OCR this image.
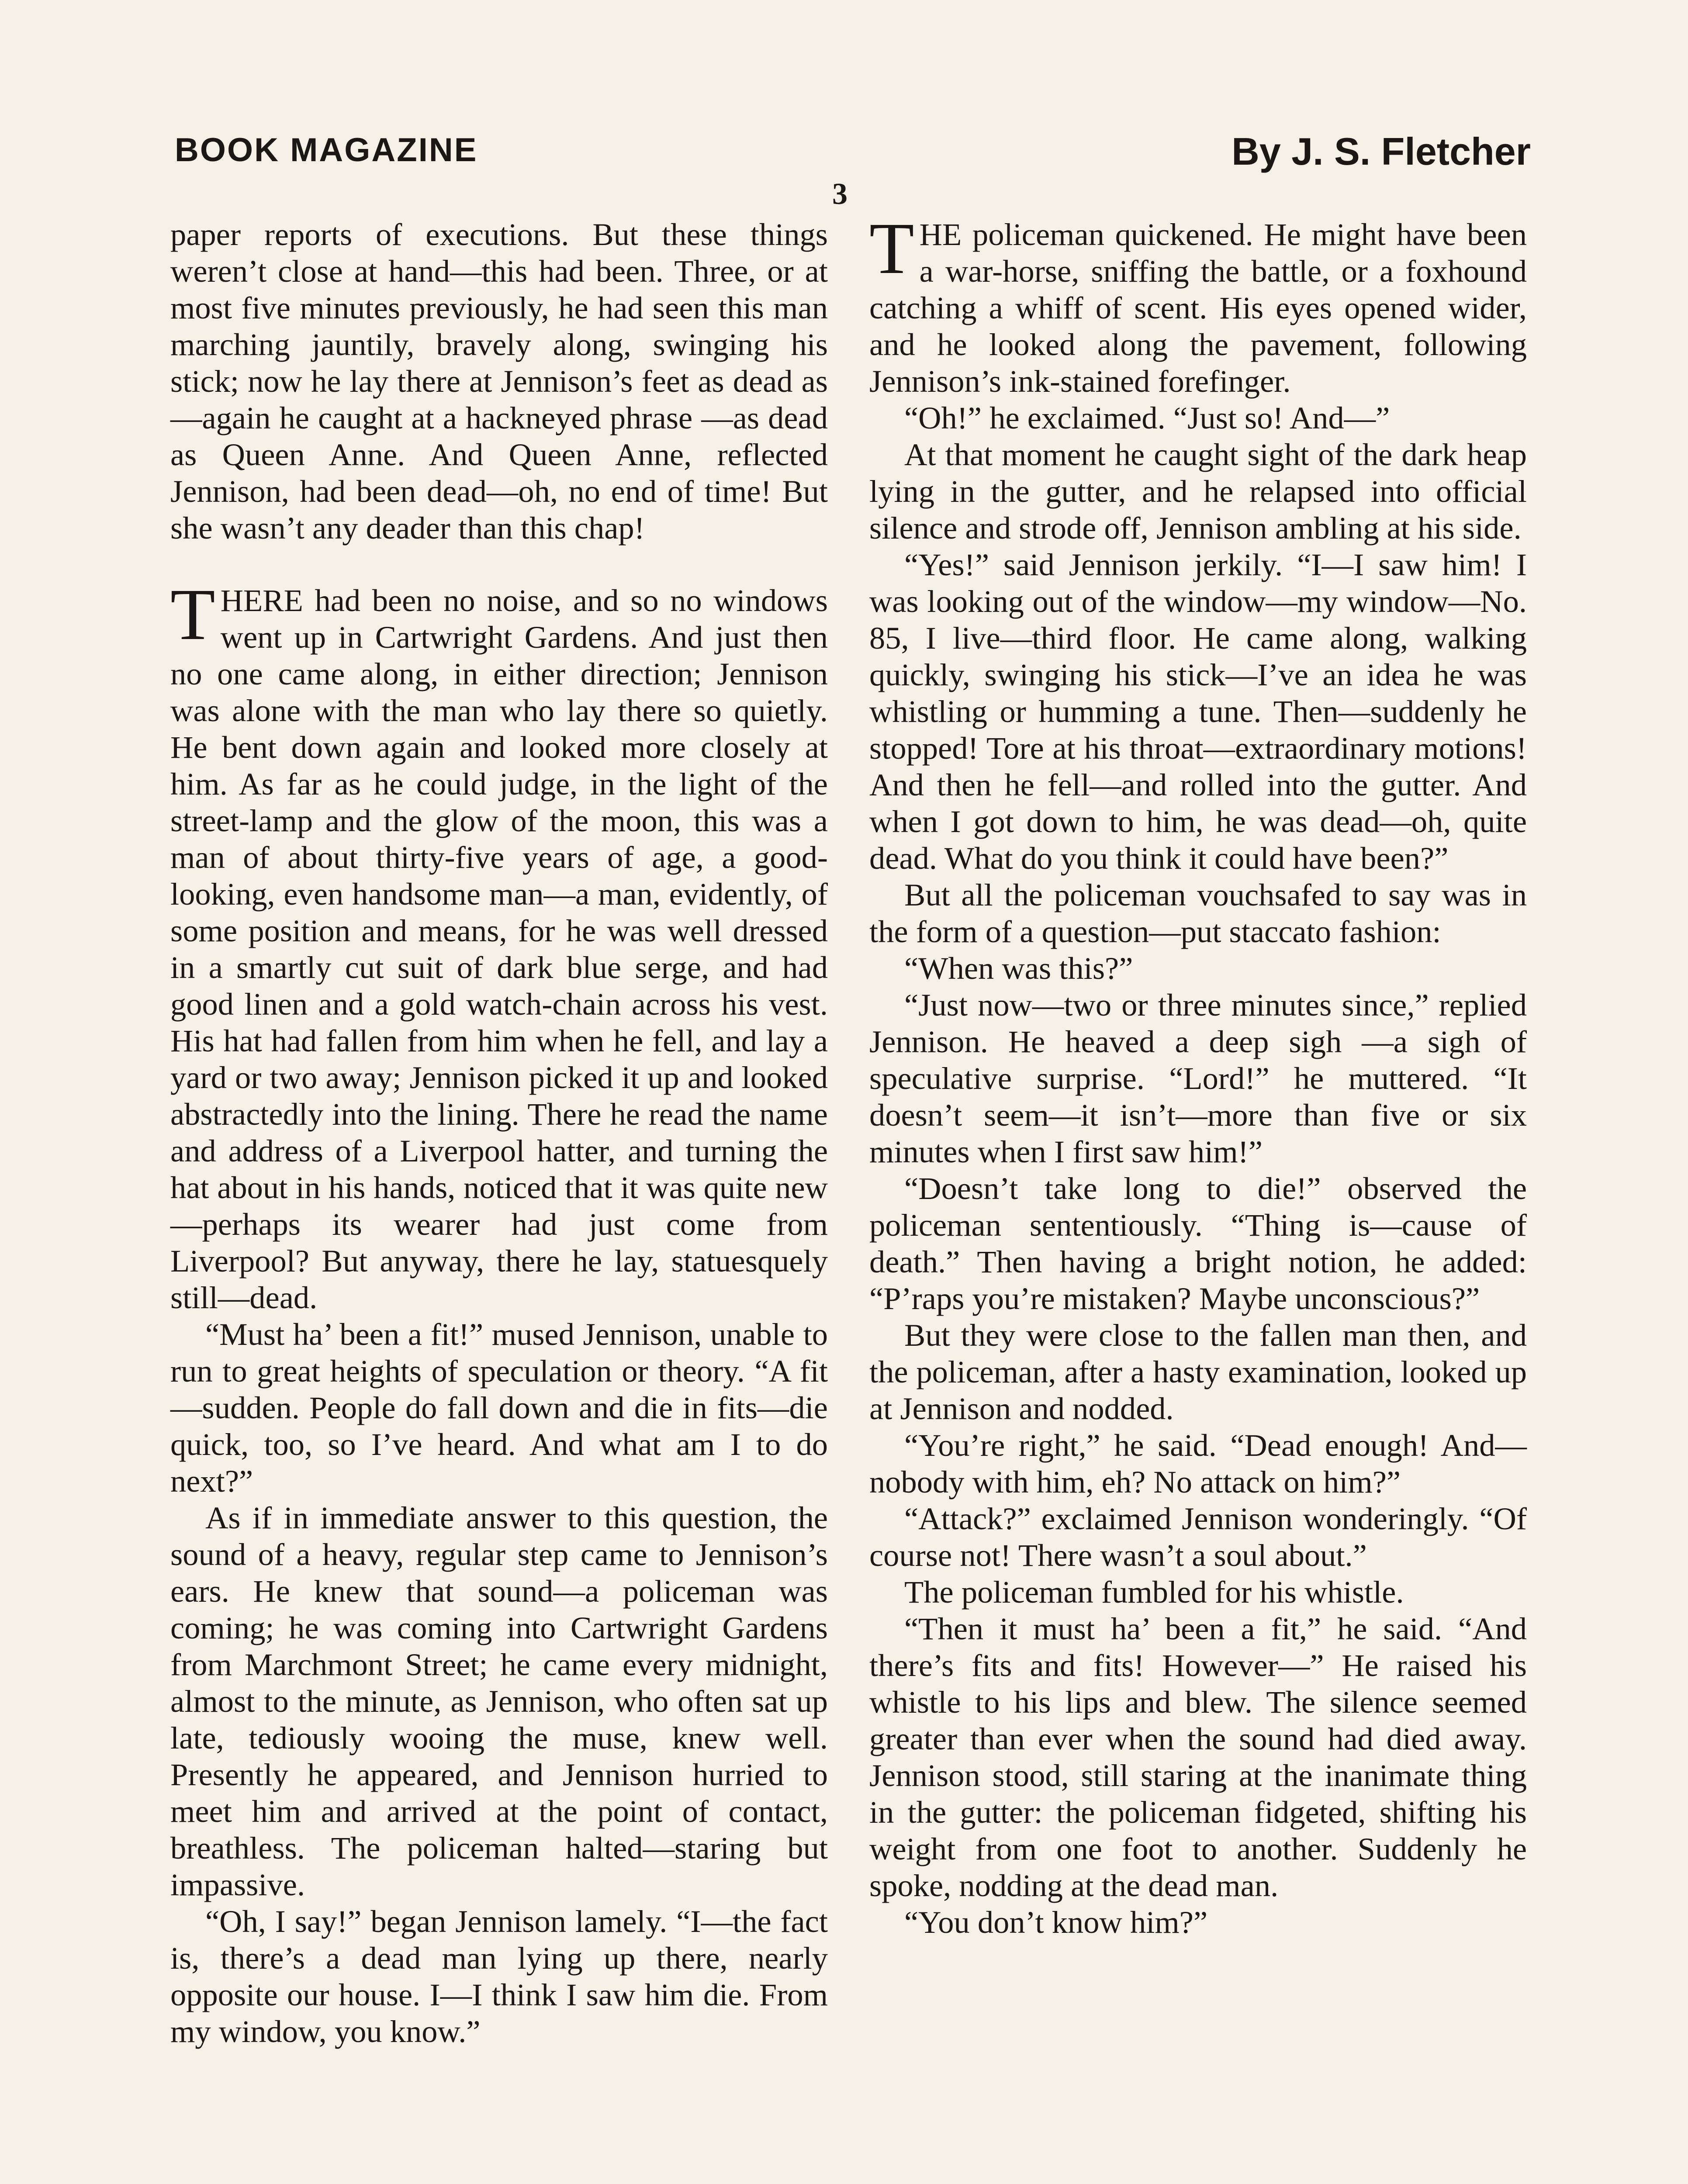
BOOK MAGAZINE	By J. S. Fletcher
3

paper reports of executions. But these things weren’t close at hand—this had been. Three, or at most five minutes previously, he had seen this man marching jauntily, bravely along, swinging his stick; now he lay there at Jennison’s feet as dead as—again he caught at a hackneyed phrase —as dead as Queen Anne. And Queen Anne, reflected Jennison, had been dead—oh, no end of time! But she wasn’t any deader than this chap!

THERE had been no noise, and so no windows went up in Cartwright Gardens. And just then no one came along, in either direction; Jennison was alone with the man who lay there so quietly. He bent down again and looked more closely at him. As far as he could judge, in the light of the street-lamp and the glow of the moon, this was a man of about thirty-five years of age, a good-looking, even handsome man—a man, evidently, of some position and means, for he was well dressed in a smartly cut suit of dark blue serge, and had good linen and a gold watch-chain across his vest. His hat had fallen from him when he fell, and lay a yard or two away; Jennison picked it up and looked abstractedly into the lining. There he read the name and address of a Liverpool hatter, and turning the hat about in his hands, noticed that it was quite new—perhaps its wearer had just come from Liverpool? But anyway, there he lay, statuesquely still—dead.

“Must ha’ been a fit!” mused Jennison, unable to run to great heights of speculation or theory. “A fit—sudden. People do fall down and die in fits—die quick, too, so I’ve heard. And what am I to do next?”

As if in immediate answer to this question, the sound of a heavy, regular step came to Jennison’s ears. He knew that sound—a policeman was coming; he was coming into Cartwright Gardens from Marchmont Street; he came every midnight, almost to the minute, as Jennison, who often sat up late, tediously wooing the muse, knew well. Presently he appeared, and Jennison hurried to meet him and arrived at the point of contact, breathless. The policeman halted—staring but impassive.

“Oh, I say!” began Jennison lamely. “I—the fact is, there’s a dead man lying up there, nearly opposite our house. I—I think I saw him die. From my window, you know.”

THE policeman quickened. He might have been a war-horse, sniffing the battle, or a foxhound catching a whiff of scent. His eyes opened wider, and he looked along the pavement, following Jennison’s ink-stained forefinger.

“Oh!” he exclaimed. “Just so! And—”

At that moment he caught sight of the dark heap lying in the gutter, and he relapsed into official silence and strode off, Jennison ambling at his side.

“Yes!” said Jennison jerkily. “I—I saw him! I was looking out of the window—my window—No. 85, I live—third floor. He came along, walking quickly, swinging his stick—I’ve an idea he was whistling or humming a tune. Then—suddenly he stopped! Tore at his throat—extraordinary motions! And then he fell—and rolled into the gutter. And when I got down to him, he was dead—oh, quite dead. What do you think it could have been?”

But all the policeman vouchsafed to say was in the form of a question—put staccato fashion:

“When was this?”

“Just now—two or three minutes since,” replied Jennison. He heaved a deep sigh —a sigh of speculative surprise. “Lord!” he muttered. “It doesn’t seem—it isn’t—more than five or six minutes when I first saw him!”

“Doesn’t take long to die!” observed the policeman sententiously. “Thing is—cause of death.” Then having a bright notion, he added: “P’raps you’re mistaken? Maybe unconscious?”

But they were close to the fallen man then, and the policeman, after a hasty examination, looked up at Jennison and nodded.

“You’re right,” he said. “Dead enough! And—nobody with him, eh? No attack on him?”

“Attack?” exclaimed Jennison wonderingly. “Of course not! There wasn’t a soul about.”

The policeman fumbled for his whistle.

“Then it must ha’ been a fit,” he said. “And there’s fits and fits! However—” He raised his whistle to his lips and blew. The silence seemed greater than ever when the sound had died away. Jennison stood, still staring at the inanimate thing in the gutter: the policeman fidgeted, shifting his weight from one foot to another. Suddenly he spoke, nodding at the dead man.

“You don’t know him?”
